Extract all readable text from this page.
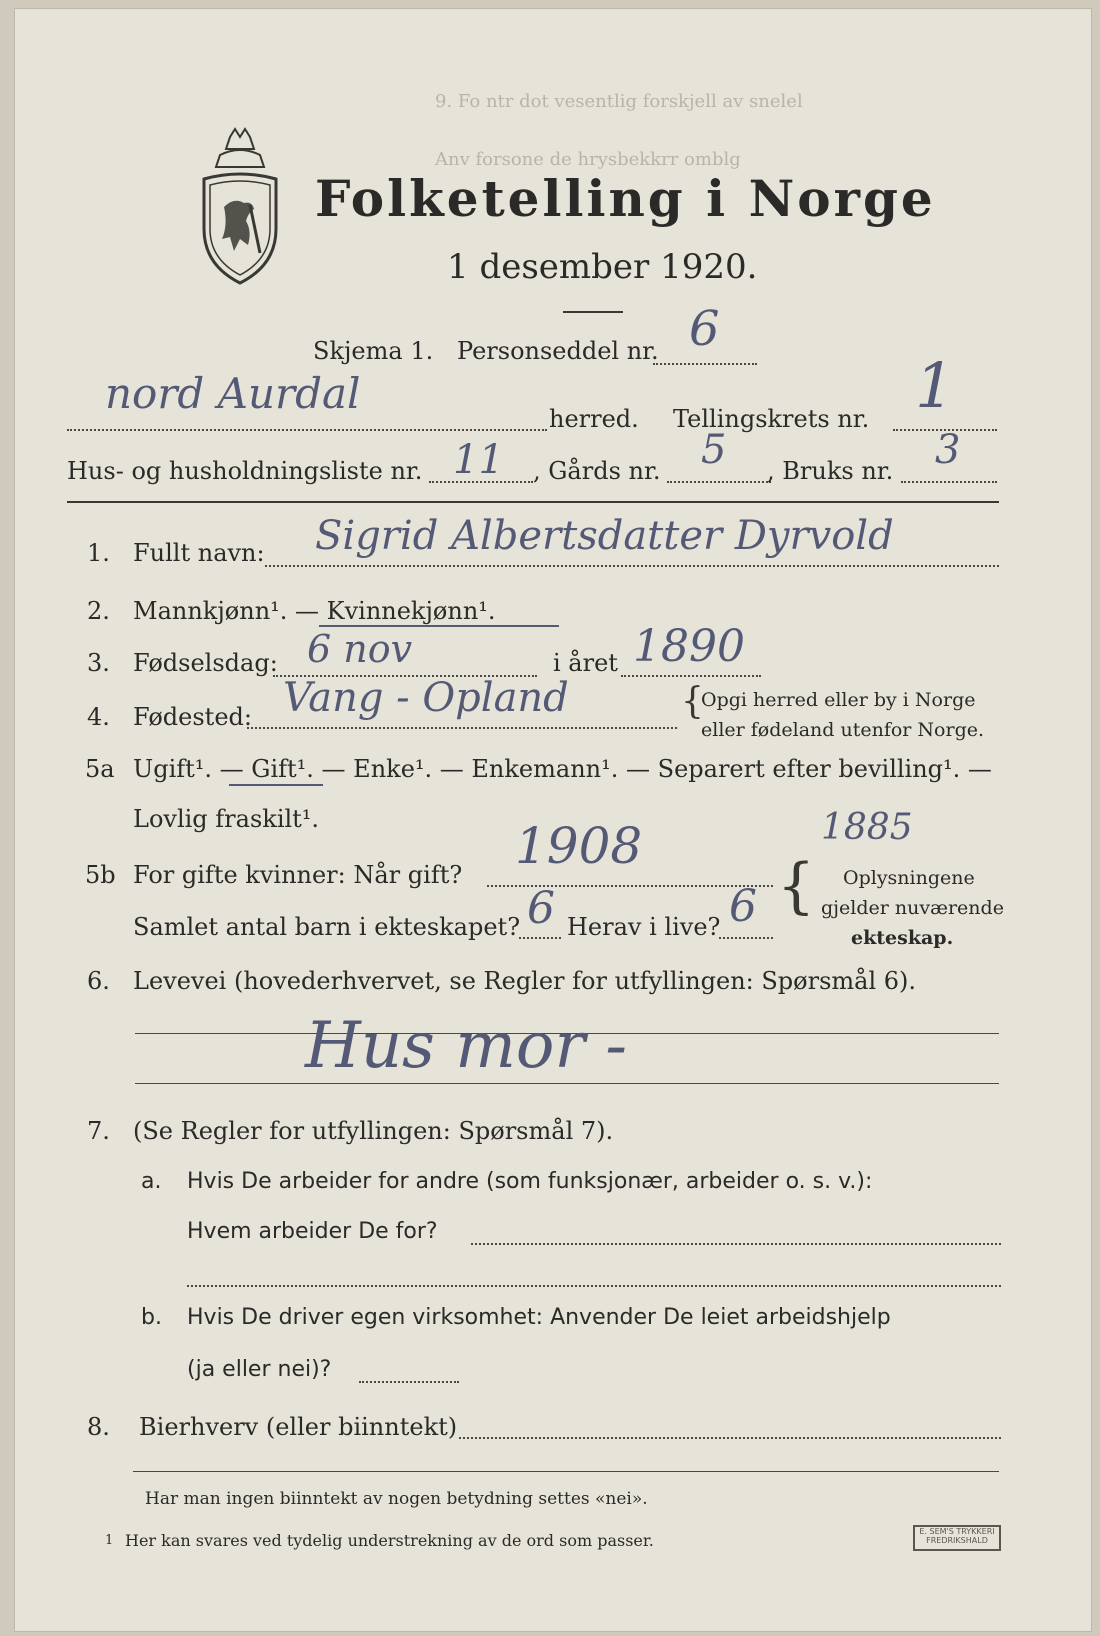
9. Fo ntr dot vesentlig forskjell av snelel
Anv forsone de hrysbekkrr omblg
Folketelling i Norge
1 desember 1920.
Skjema 1. Personseddel nr. 6
nord Aurdal
herred. Tellingskrets nr. 1
Hus- og husholdningsliste nr. 11 , Gårds nr. 5 , Bruks nr. 3
1. Fullt navn: Sigrid Albertsdatter Dyrvold
2. Mannkjønn¹. — Kvinnekjønn¹.
3. Fødselsdag: 6 nov	i året 1890
4. Fødested: Vang - Opland	{
Opgi herred eller by i Norge
eller fødeland utenfor Norge.
5a Ugift¹. — Gift¹. — Enke¹. — Enkemann¹. — Separert efter bevilling¹. —
Lovlig fraskilt¹.
5b For gifte kvinner: Når gift? 1908	1885
Samlet antal barn i ekteskapet? 6 Herav i live? 6 { Oplysningene
gjelder nuværende
ekteskap.
6. Levevei (hovederhvervet, se Regler for utfyllingen: Spørsmål 6).
Hus mor -
7. (Se Regler for utfyllingen: Spørsmål 7).
a. Hvis De arbeider for andre (som funksjonær, arbeider o. s. v.):
Hvem arbeider De for?
b. Hvis De driver egen virksomhet: Anvender De leiet arbeidshjelp
(ja eller nei)?
8. Bierhverv (eller biinntekt)
Har man ingen biinntekt av nogen betydning settes «nei».
1 Her kan svares ved tydelig understrekning av de ord som passer.	E. SEM'S TRYKKERI FREDRIKSHALD
